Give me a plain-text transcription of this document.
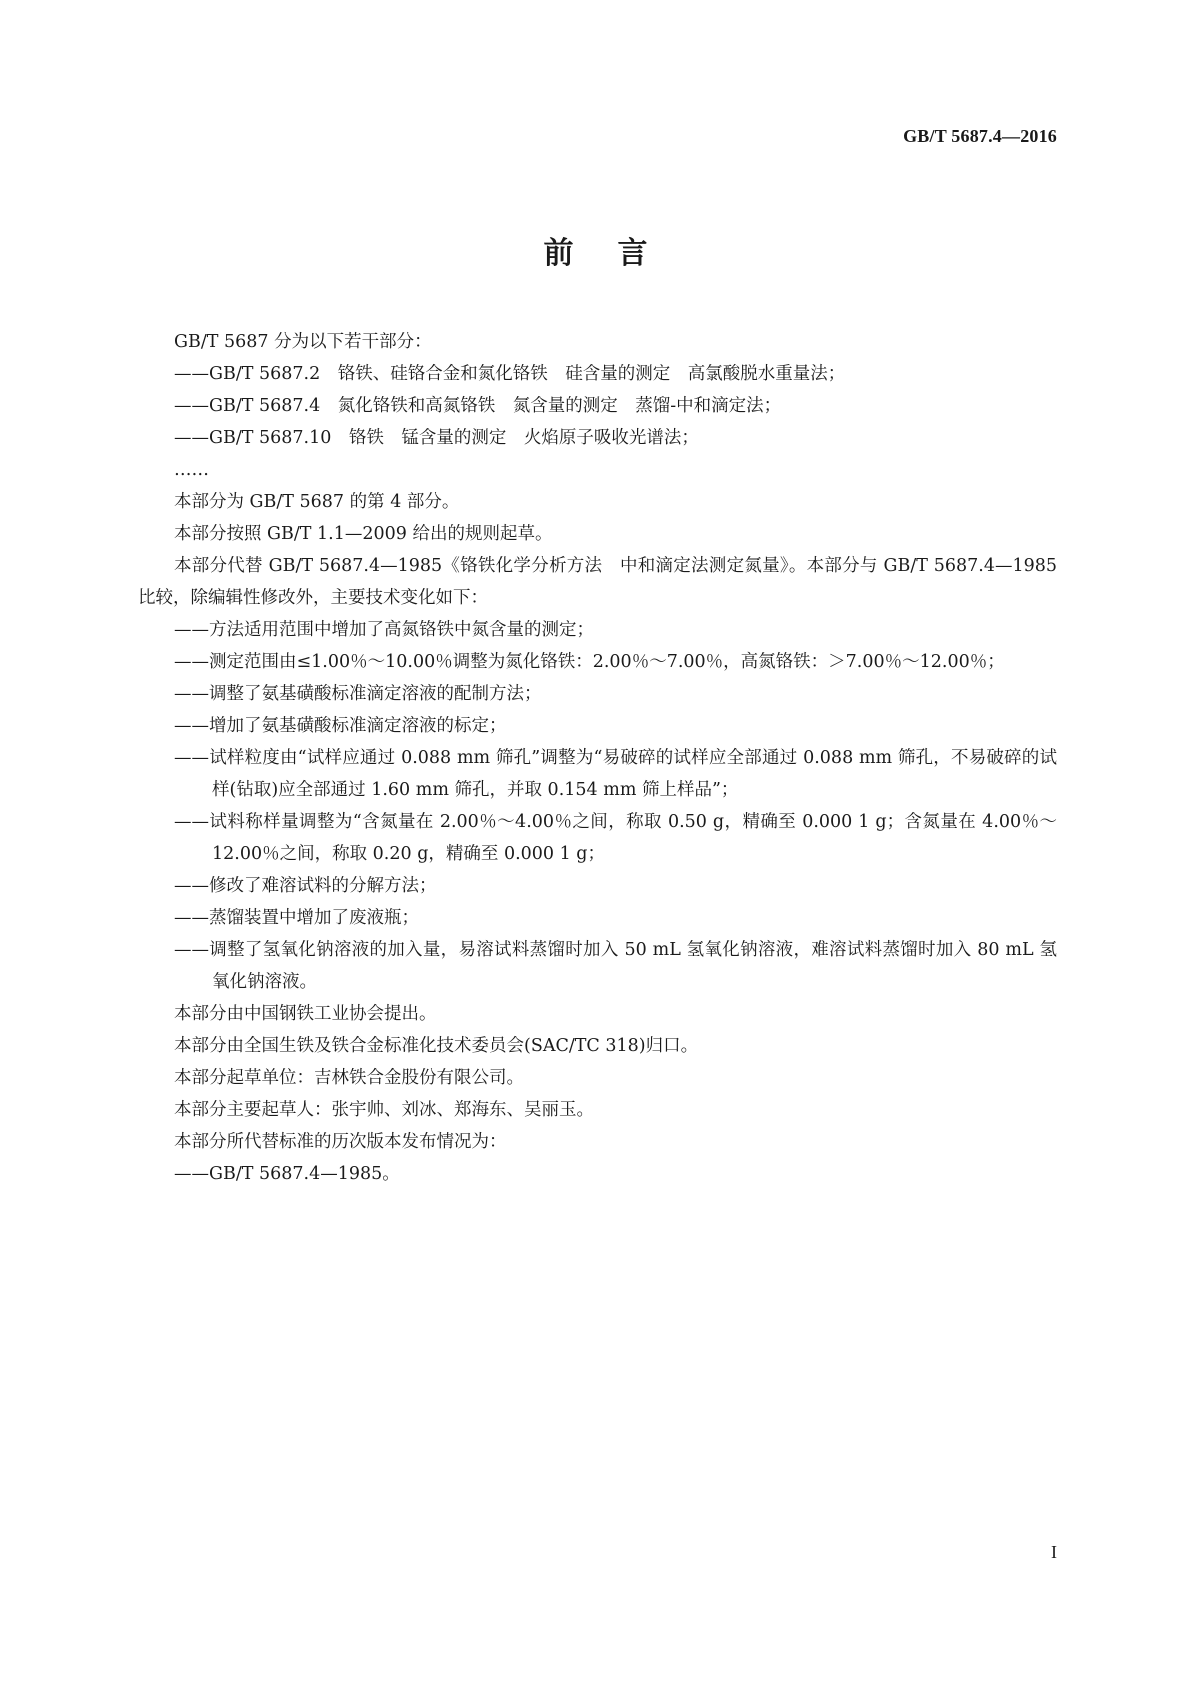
GB/T 5687.4—2016
前言

GB/T 5687 分为以下若干部分：

——GB/T 5687.2　铬铁、硅铬合金和氮化铬铁　硅含量的测定　高氯酸脱水重量法；

——GB/T 5687.4　氮化铬铁和高氮铬铁　氮含量的测定　蒸馏-中和滴定法；

——GB/T 5687.10　铬铁　锰含量的测定　火焰原子吸收光谱法；

……

本部分为 GB/T 5687 的第 4 部分。

本部分按照 GB/T 1.1—2009 给出的规则起草。

本部分代替 GB/T 5687.4—1985《铬铁化学分析方法　中和滴定法测定氮量》。本部分与 GB/T 5687.4—1985 比较，除编辑性修改外，主要技术变化如下：

——方法适用范围中增加了高氮铬铁中氮含量的测定；

——测定范围由≤1.00％～10.00％调整为氮化铬铁：2.00％～7.00％，高氮铬铁：＞7.00％～12.00％；

——调整了氨基磺酸标准滴定溶液的配制方法；

——增加了氨基磺酸标准滴定溶液的标定；

——试样粒度由“试样应通过 0.088 mm 筛孔”调整为“易破碎的试样应全部通过 0.088 mm 筛孔，不易破碎的试样(钻取)应全部通过 1.60 mm 筛孔，并取 0.154 mm 筛上样品”；

——试料称样量调整为“含氮量在 2.00％～4.00％之间，称取 0.50 g，精确至 0.000 1 g；含氮量在 4.00％～12.00％之间，称取 0.20 g，精确至 0.000 1 g；

——修改了难溶试料的分解方法；

——蒸馏装置中增加了废液瓶；

——调整了氢氧化钠溶液的加入量，易溶试料蒸馏时加入 50 mL 氢氧化钠溶液，难溶试料蒸馏时加入 80 mL 氢氧化钠溶液。

本部分由中国钢铁工业协会提出。

本部分由全国生铁及铁合金标准化技术委员会(SAC/TC 318)归口。

本部分起草单位：吉林铁合金股份有限公司。

本部分主要起草人：张宇帅、刘冰、郑海东、吴丽玉。

本部分所代替标准的历次版本发布情况为：

——GB/T 5687.4—1985。

I
